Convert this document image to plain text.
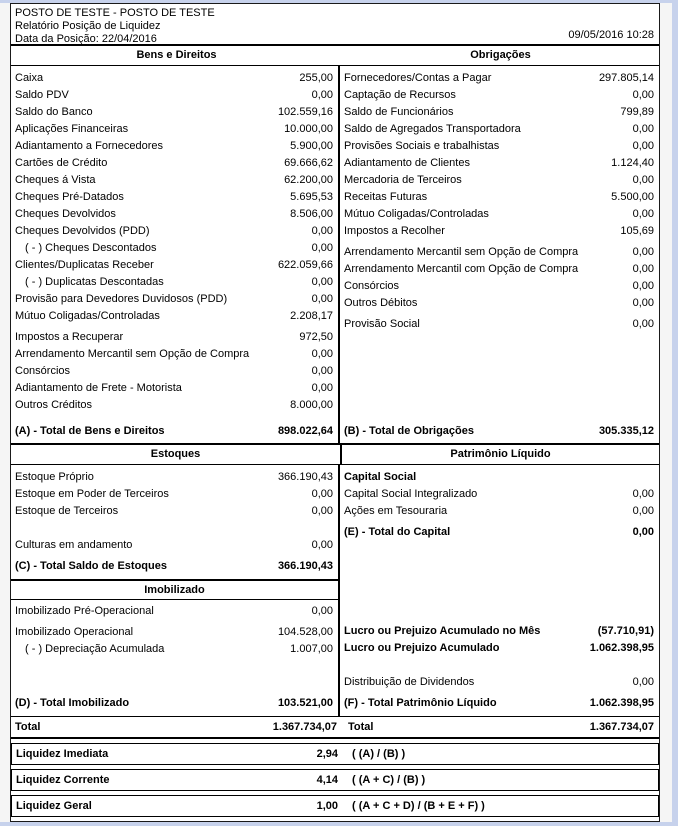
POSTO DE TESTE - POSTO DE TESTE
Relatório Posição de Liquidez
Data da Posição: 22/04/2016	09/05/2016 10:28
Bens e Direitos	Obrigações
Caixa	255,00
Saldo PDV	0,00
Saldo do Banco	102.559,16
Aplicações Financeiras	10.000,00
Adiantamento a Fornecedores	5.900,00
Cartões de Crédito	69.666,62
Cheques á Vista	62.200,00
Cheques Pré-Datados	5.695,53
Cheques Devolvidos	8.506,00
Cheques Devolvidos (PDD)	0,00
( - ) Cheques Descontados	0,00
Clientes/Duplicatas Receber	622.059,66
( - ) Duplicatas Descontadas	0,00
Provisão para Devedores Duvidosos (PDD)	0,00
Mútuo Coligadas/Controladas	2.208,17
Impostos a Recuperar	972,50
Arrendamento Mercantil sem Opção de Compra	0,00
Consórcios	0,00
Adiantamento de Frete - Motorista	0,00
Outros Créditos	8.000,00
(A) - Total de Bens e Direitos	898.022,64
Fornecedores/Contas a Pagar	297.805,14
Captação de Recursos	0,00
Saldo de Funcionários	799,89
Saldo de Agregados Transportadora	0,00
Provisões Sociais e trabalhistas	0,00
Adiantamento de Clientes	1.124,40
Mercadoria de Terceiros	0,00
Receitas Futuras	5.500,00
Mútuo Coligadas/Controladas	0,00
Impostos a Recolher	105,69
Arrendamento Mercantil sem Opção de Compra	0,00
Arrendamento Mercantil com Opção de Compra	0,00
Consórcios	0,00
Outros Débitos	0,00
Provisão Social	0,00
(B) - Total de Obrigações	305.335,12
Estoques	Patrimônio Líquido
Estoque Próprio	366.190,43
Estoque em Poder de Terceiros	0,00
Estoque de Terceiros	0,00
Culturas em andamento	0,00
(C) - Total Saldo de Estoques	366.190,43
Imobilizado
Imobilizado Pré-Operacional	0,00
Imobilizado Operacional	104.528,00
( - ) Depreciação Acumulada	1.007,00
(D) - Total Imobilizado	103.521,00
Capital Social
Capital Social Integralizado	0,00
Ações em Tesouraria	0,00
(E) - Total do Capital	0,00
Lucro ou Prejuizo Acumulado no Mês	(57.710,91)
Lucro ou Prejuizo Acumulado	1.062.398,95
Distribuição de Dividendos	0,00
(F) - Total Patrimônio Líquido	1.062.398,95
Total	1.367.734,07 Total	1.367.734,07
Liquidez Imediata	2,94 ( (A) / (B) )
Liquidez Corrente	4,14 ( (A + C) / (B) )
Liquidez Geral	1,00 ( (A + C + D) / (B + E + F) )
